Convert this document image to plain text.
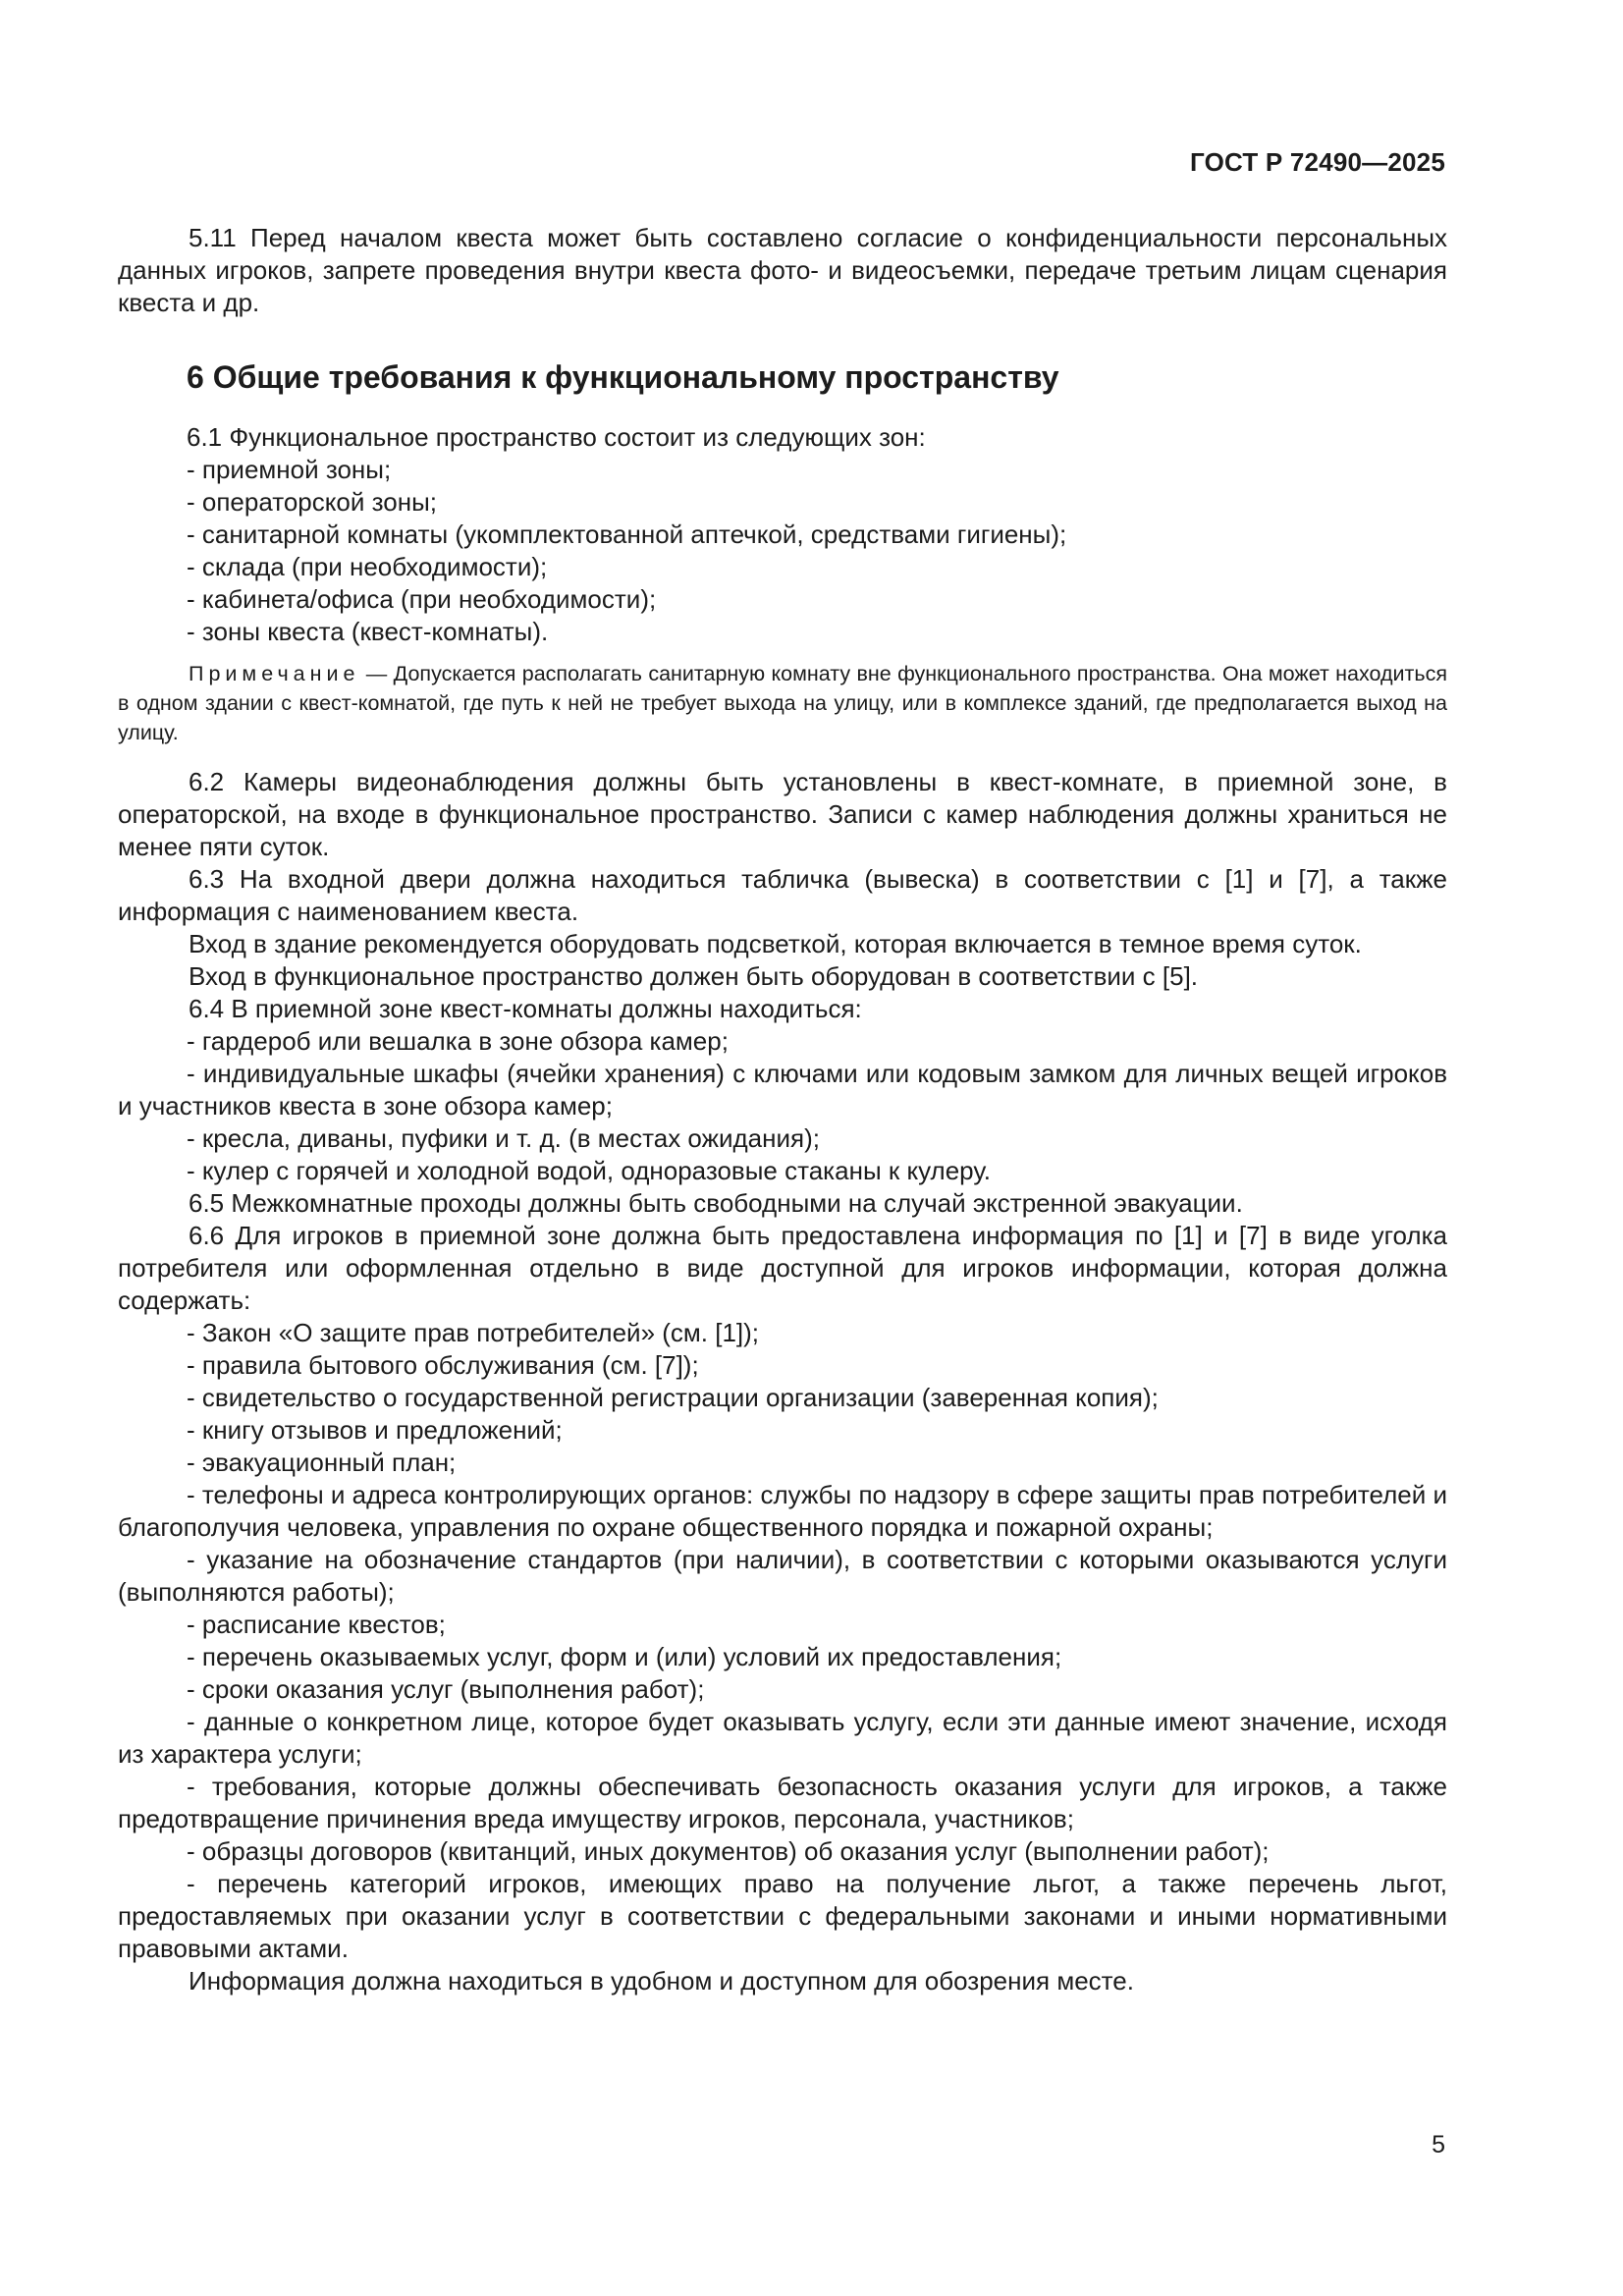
ГОСТ Р 72490—2025

5.11 Перед началом квеста может быть составлено согласие о конфиденциальности персональных данных игроков, запрете проведения внутри квеста фото- и видеосъемки, передаче третьим лицам сценария квеста и др.

6 Общие требования к функциональному пространству

6.1 Функциональное пространство состоит из следующих зон:

- приемной зоны;

- операторской зоны;

- санитарной комнаты (укомплектованной аптечкой, средствами гигиены);

- склада (при необходимости);

- кабинета/офиса (при необходимости);

- зоны квеста (квест-комнаты).

Примечание — Допускается располагать санитарную комнату вне функционального пространства. Она может находиться в одном здании с квест-комнатой, где путь к ней не требует выхода на улицу, или в комплексе зданий, где предполагается выход на улицу.

6.2 Камеры видеонаблюдения должны быть установлены в квест-комнате, в приемной зоне, в операторской, на входе в функциональное пространство. Записи с камер наблюдения должны храниться не менее пяти суток.

6.3 На входной двери должна находиться табличка (вывеска) в соответствии с [1] и [7], а также информация с наименованием квеста.

Вход в здание рекомендуется оборудовать подсветкой, которая включается в темное время суток.

Вход в функциональное пространство должен быть оборудован в соответствии с [5].

6.4 В приемной зоне квест-комнаты должны находиться:

- гардероб или вешалка в зоне обзора камер;

- индивидуальные шкафы (ячейки хранения) с ключами или кодовым замком для личных вещей игроков и участников квеста в зоне обзора камер;

- кресла, диваны, пуфики и т. д. (в местах ожидания);

- кулер с горячей и холодной водой, одноразовые стаканы к кулеру.

6.5 Межкомнатные проходы должны быть свободными на случай экстренной эвакуации.

6.6 Для игроков в приемной зоне должна быть предоставлена информация по [1] и [7] в виде уголка потребителя или оформленная отдельно в виде доступной для игроков информации, которая должна содержать:

- Закон «О защите прав потребителей» (см. [1]);

- правила бытового обслуживания (см. [7]);

- свидетельство о государственной регистрации организации (заверенная копия);

- книгу отзывов и предложений;

- эвакуационный план;

- телефоны и адреса контролирующих органов: службы по надзору в сфере защиты прав потребителей и благополучия человека, управления по охране общественного порядка и пожарной охраны;

- указание на обозначение стандартов (при наличии), в соответствии с которыми оказываются услуги (выполняются работы);

- расписание квестов;

- перечень оказываемых услуг, форм и (или) условий их предоставления;

- сроки оказания услуг (выполнения работ);

- данные о конкретном лице, которое будет оказывать услугу, если эти данные имеют значение, исходя из характера услуги;

- требования, которые должны обеспечивать безопасность оказания услуги для игроков, а также предотвращение причинения вреда имуществу игроков, персонала, участников;

- образцы договоров (квитанций, иных документов) об оказания услуг (выполнении работ);

- перечень категорий игроков, имеющих право на получение льгот, а также перечень льгот, предоставляемых при оказании услуг в соответствии с федеральными законами и иными нормативными правовыми актами.

Информация должна находиться в удобном и доступном для обозрения месте.

5
